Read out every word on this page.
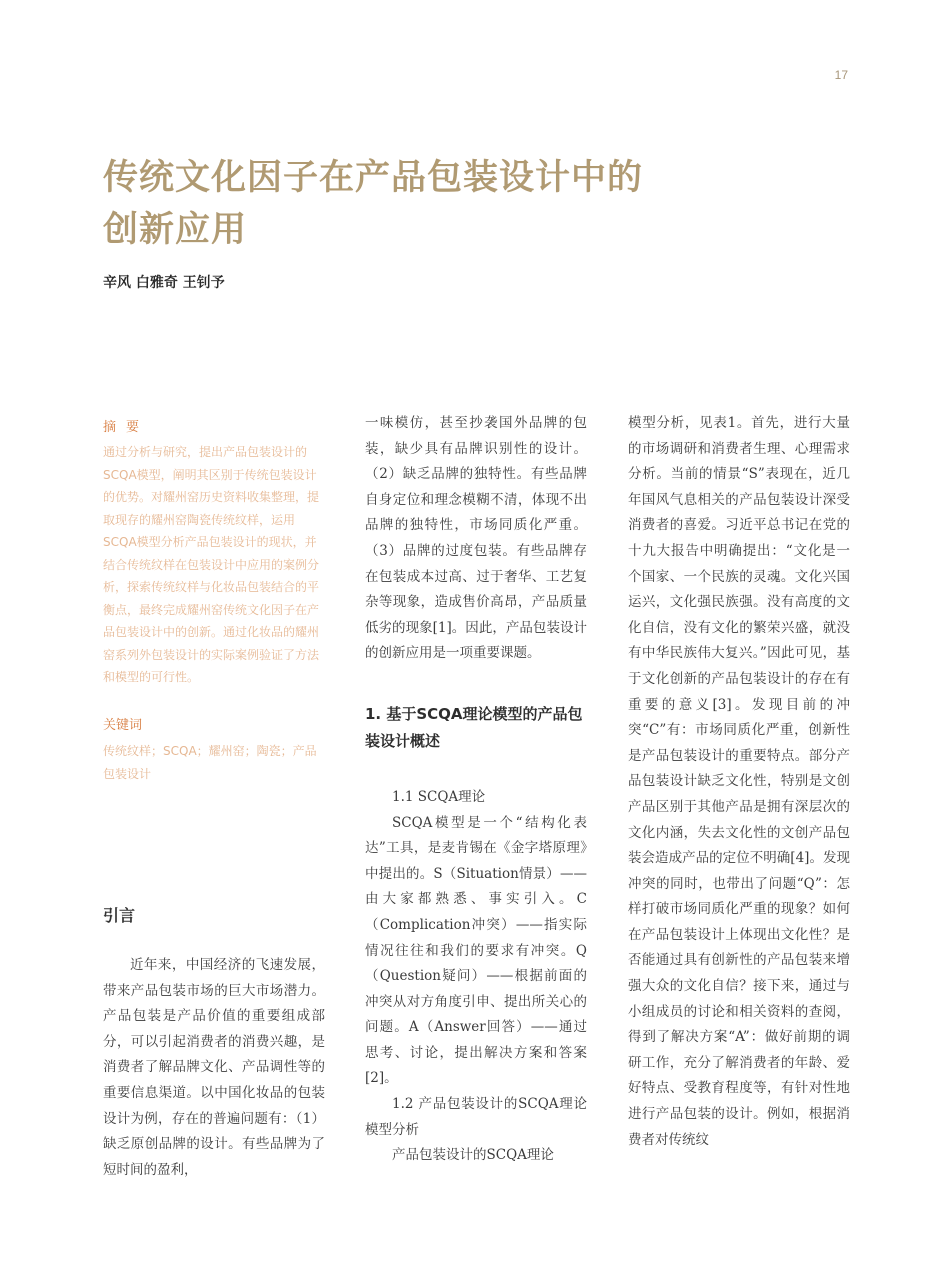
17
传统文化因子在产品包装设计中的创新应用

辛风 白雅奇 王钊予

摘要

通过分析与研究，提出产品包装设计的SCQA模型，阐明其区别于传统包装设计的优势。对耀州窑历史资料收集整理，提取现存的耀州窑陶瓷传统纹样，运用SCQA模型分析产品包装设计的现状，并结合传统纹样在包装设计中应用的案例分析，探索传统纹样与化妆品包装结合的平衡点，最终完成耀州窑传统文化因子在产品包装设计中的创新。通过化妆品的耀州窑系列外包装设计的实际案例验证了方法和模型的可行性。

关键词

传统纹样；SCQA；耀州窑；陶瓷；产品包装设计

引言

近年来，中国经济的飞速发展，带来产品包装市场的巨大市场潜力。产品包装是产品价值的重要组成部分，可以引起消费者的消费兴趣，是消费者了解品牌文化、产品调性等的重要信息渠道。以中国化妆品的包装设计为例，存在的普遍问题有：（1）缺乏原创品牌的设计。有些品牌为了短时间的盈利，

一味模仿，甚至抄袭国外品牌的包装，缺少具有品牌识别性的设计。（2）缺乏品牌的独特性。有些品牌自身定位和理念模糊不清，体现不出品牌的独特性，市场同质化严重。（3）品牌的过度包装。有些品牌存在包装成本过高、过于奢华、工艺复杂等现象，造成售价高昂，产品质量低劣的现象[1]。因此，产品包装设计的创新应用是一项重要课题。

1. 基于SCQA理论模型的产品包装设计概述

1.1 SCQA理论

SCQA模型是一个“结构化表达”工具，是麦肯锡在《金字塔原理》中提出的。S（Situation情景）——由大家都熟悉、事实引入。C（Complication冲突）——指实际情况往往和我们的要求有冲突。Q（Question疑问）——根据前面的冲突从对方角度引申、提出所关心的问题。A（Answer回答）——通过思考、讨论，提出解决方案和答案[2]。

1.2 产品包装设计的SCQA理论模型分析

产品包装设计的SCQA理论

模型分析，见表1。首先，进行大量的市场调研和消费者生理、心理需求分析。当前的情景“S”表现在，近几年国风气息相关的产品包装设计深受消费者的喜爱。习近平总书记在党的十九大报告中明确提出：“文化是一个国家、一个民族的灵魂。文化兴国运兴，文化强民族强。没有高度的文化自信，没有文化的繁荣兴盛，就没有中华民族伟大复兴。”因此可见，基于文化创新的产品包装设计的存在有重要的意义[3]。发现目前的冲突“C”有：市场同质化严重，创新性是产品包装设计的重要特点。部分产品包装设计缺乏文化性，特别是文创产品区别于其他产品是拥有深层次的文化内涵，失去文化性的文创产品包装会造成产品的定位不明确[4]。发现冲突的同时，也带出了问题“Q”：怎样打破市场同质化严重的现象？如何在产品包装设计上体现出文化性？是否能通过具有创新性的产品包装来增强大众的文化自信？接下来，通过与小组成员的讨论和相关资料的查阅，得到了解决方案“A”：做好前期的调研工作，充分了解消费者的年龄、爱好特点、受教育程度等，有针对性地进行产品包装的设计。例如，根据消费者对传统纹
